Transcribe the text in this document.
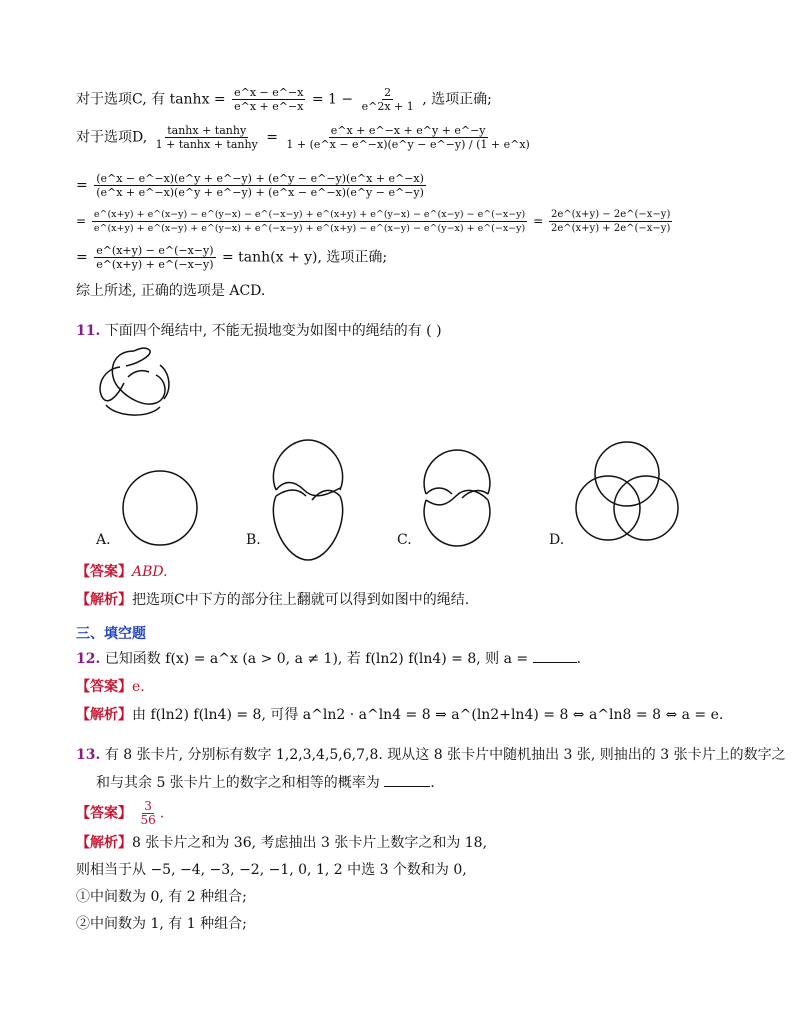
对于选项C, 有 $\tanh x = \frac{e\^{}x - e\^{}-x}{e\^{}x + e\^{}-x} = 1 - \frac{2}{e\^{}2x + 1}$ , 选项正确;
对于选项D, $\frac{\tanh x + \tanh y}{1 + \tanh x + \tanh y} = \frac{e\^{}x + e\^{}-x + e\^{}y + e\^{}-y}{1 + (e\^{}x - e\^{}-x)(e\^{}y - e\^{}-y) / (1 + e\^{}x)}$
= $\frac{(e\^{}x - e\^{}-x)(e\^{}y + e\^{}-y) + (e\^{}y - e\^{}-y)(e\^{}x + e\^{}-x)}{(e\^{}x + e\^{}-x)(e\^{}y + e\^{}-y) + (e\^{}x - e\^{}-x)(e\^{}y - e\^{}-y)}$
= e^(x+y) + e^(x−y) − e^(y−x) − e^(−x−y) + e^(x+y) + e^(y−x) − e^(x−y) − e^(−x−y)
e^(x+y) + e^(x−y) + e^(y−x) + e^(−x−y) + e^(x+y) − e^(x−y) − e^(y−x) + e^(−x−y)
= $\frac{2e\^{}(x+y) - 2e\^{}(-x-y)}{2e\^{}(x+y) + 2e\^{}(-x-y)}$
= $\frac{e\^{}(x+y) - e\^{}(-x-y)}{e\^{}(x+y) + e\^{}(-x-y)} = \tanh(x + y)$, 选项正确;
综上所述, 正确的选项是 ACD.
11. 下面四个绳结中, 不能无损地变为如图中的绳结的有 ( )
A.	B.	C.	D.
【答案】ABD.
【解析】把选项C中下方的部分往上翻就可以得到如图中的绳结.
三、填空题
12. 已知函数 f(x) = a^x (a > 0, a ≠ 1), 若 f(ln2) f(ln4) = 8, 则 a =	.
【答案】e.
【解析】由 f(ln2) f(ln4) = 8, 可得 a^ln2 · a^ln4 = 8 ⇒ a^(ln2+ln4) = 8 ⇔ a^ln8 = 8 ⇔ a = e.
13. 有 8 张卡片, 分别标有数字 1,2,3,4,5,6,7,8. 现从这 8 张卡片中随机抽出 3 张, 则抽出的 3 张卡片上的数字之
和与其余 5 张卡片上的数字之和相等的概率为	.
【答案】 $\frac{3}{56}$ .
【解析】8 张卡片之和为 36, 考虑抽出 3 张卡片上数字之和为 18,
则相当于从 −5, −4, −3, −2, −1, 0, 1, 2 中选 3 个数和为 0,
①中间数为 0, 有 2 种组合;
②中间数为 1, 有 1 种组合;
